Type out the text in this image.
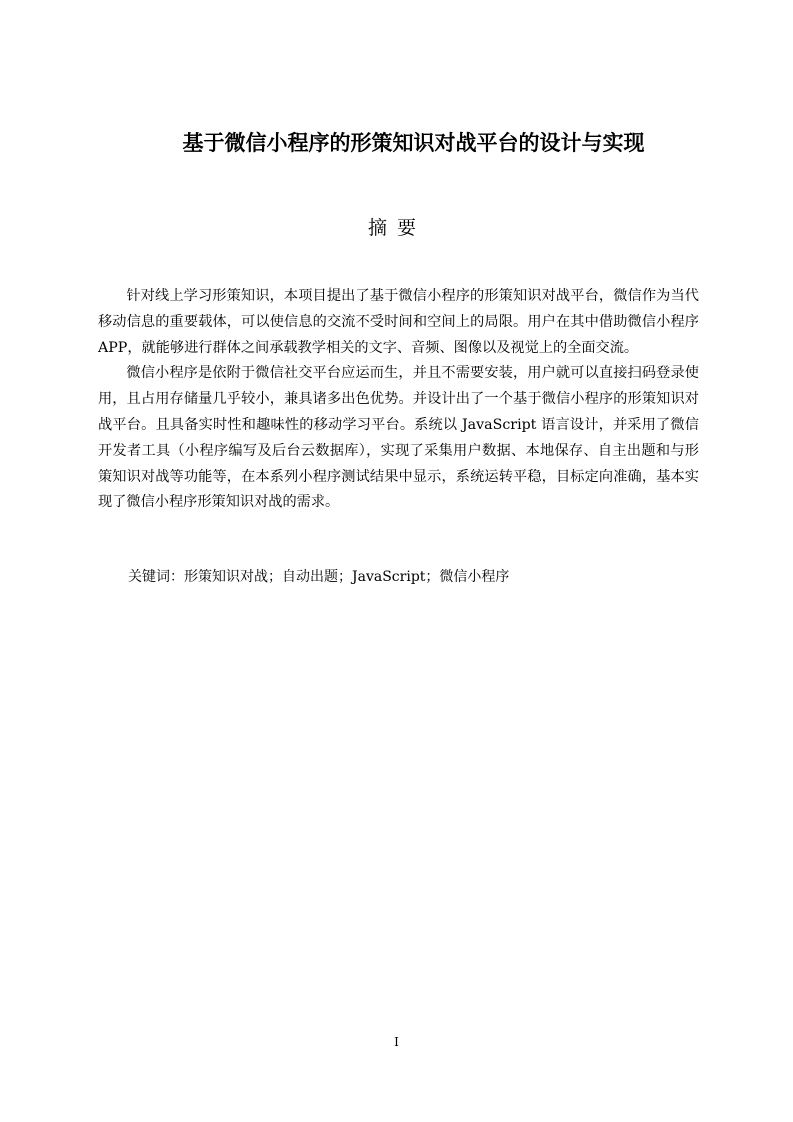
基于微信小程序的形策知识对战平台的设计与实现
摘要

针对线上学习形策知识，本项目提出了基于微信小程序的形策知识对战平台，微信作为当代移动信息的重要载体，可以使信息的交流不受时间和空间上的局限。用户在其中借助微信小程序 APP，就能够进行群体之间承载教学相关的文字、音频、图像以及视觉上的全面交流。

微信小程序是依附于微信社交平台应运而生，并且不需要安装，用户就可以直接扫码登录使用，且占用存储量几乎较小，兼具诸多出色优势。并设计出了一个基于微信小程序的形策知识对战平台。且具备实时性和趣味性的移动学习平台。系统以 JavaScript 语言设计，并采用了微信开发者工具（小程序编写及后台云数据库），实现了采集用户数据、本地保存、自主出题和与形策知识对战等功能等，在本系列小程序测试结果中显示，系统运转平稳，目标定向准确，基本实现了微信小程序形策知识对战的需求。

关键词：形策知识对战；自动出题；JavaScript；微信小程序
I
